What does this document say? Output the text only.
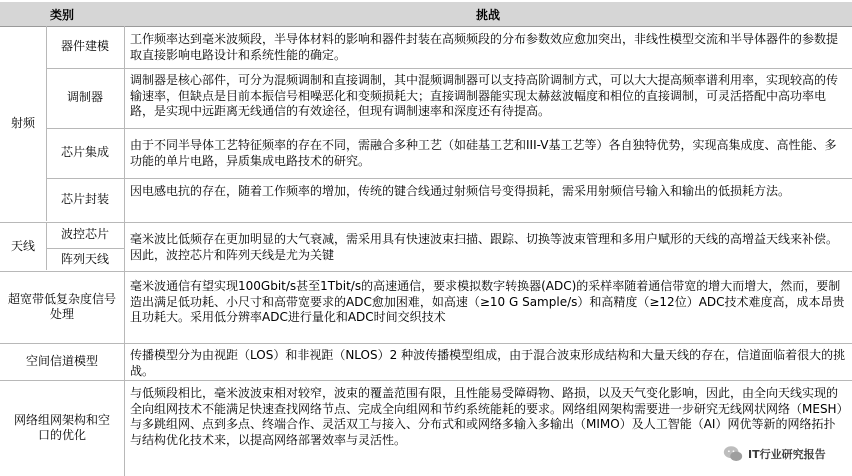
类别	挑战
射频
天线
器件建模
调制器
芯片集成
芯片封装
波控芯片
阵列天线
超宽带低复杂度信号处理
空间信道模型
网络组网架构和空口的优化
工作频率达到毫米波频段，半导体材料的影响和器件封装在高频频段的分布参数效应愈加突出，非线性模型交流和半导体器件的参数提取直接影响电路设计和系统性能的确定。
调制器是核心部件，可分为混频调制和直接调制，其中混频调制器可以支持高阶调制方式，可以大大提高频率谱利用率，实现较高的传输速率，但缺点是目前本振信号相噪恶化和变频损耗大；直接调制器能实现太赫兹波幅度和相位的直接调制，可灵活搭配中高功率电路，是实现中远距离无线通信的有效途径，但现有调制速率和深度还有待提高。
由于不同半导体工艺特征频率的存在不同，需融合多种工艺（如硅基工艺和III-V基工艺等）各自独特优势，实现高集成度、高性能、多功能的单片电路，异质集成电路技术的研究。
因电感电抗的存在，随着工作频率的增加，传统的键合线通过射频信号变得损耗，需采用射频信号输入和输出的低损耗方法。
毫米波比低频存在更加明显的大气衰减，需采用具有快速波束扫描、跟踪、切换等波束管理和多用户赋形的天线的高增益天线来补偿。因此，波控芯片和阵列天线是尤为关键
毫米波通信有望实现100Gbit/s甚至1Tbit/s的高速通信，要求模拟数字转换器(ADC)的采样率随着通信带宽的增大而增大，然而，要制造出满足低功耗、小尺寸和高带宽要求的ADC愈加困难，如高速（≥10 G Sample/s）和高精度（≥12位）ADC技术难度高，成本昂贵且功耗大。采用低分辨率ADC进行量化和ADC时间交织技术
传播模型分为由视距（LOS）和非视距（NLOS）2 种波传播模型组成，由于混合波束形成结构和大量天线的存在，信道面临着很大的挑战。
与低频段相比，毫米波波束相对较窄，波束的覆盖范围有限，且性能易受障碍物、路损，以及天气变化影响，因此，由全向天线实现的全向组网技术不能满足快速查找网络节点、完成全向组网和节约系统能耗的要求。网络组网架构需要进一步研究无线网状网络（MESH）与多跳组网、点到多点、终端合作、灵活双工与接入、分布式和或网络多输入多输出（MIMO）及人工智能（AI）网优等新的网络拓扑与结构优化技术来，以提高网络部署效率与灵活性。
IT行业研究报告
